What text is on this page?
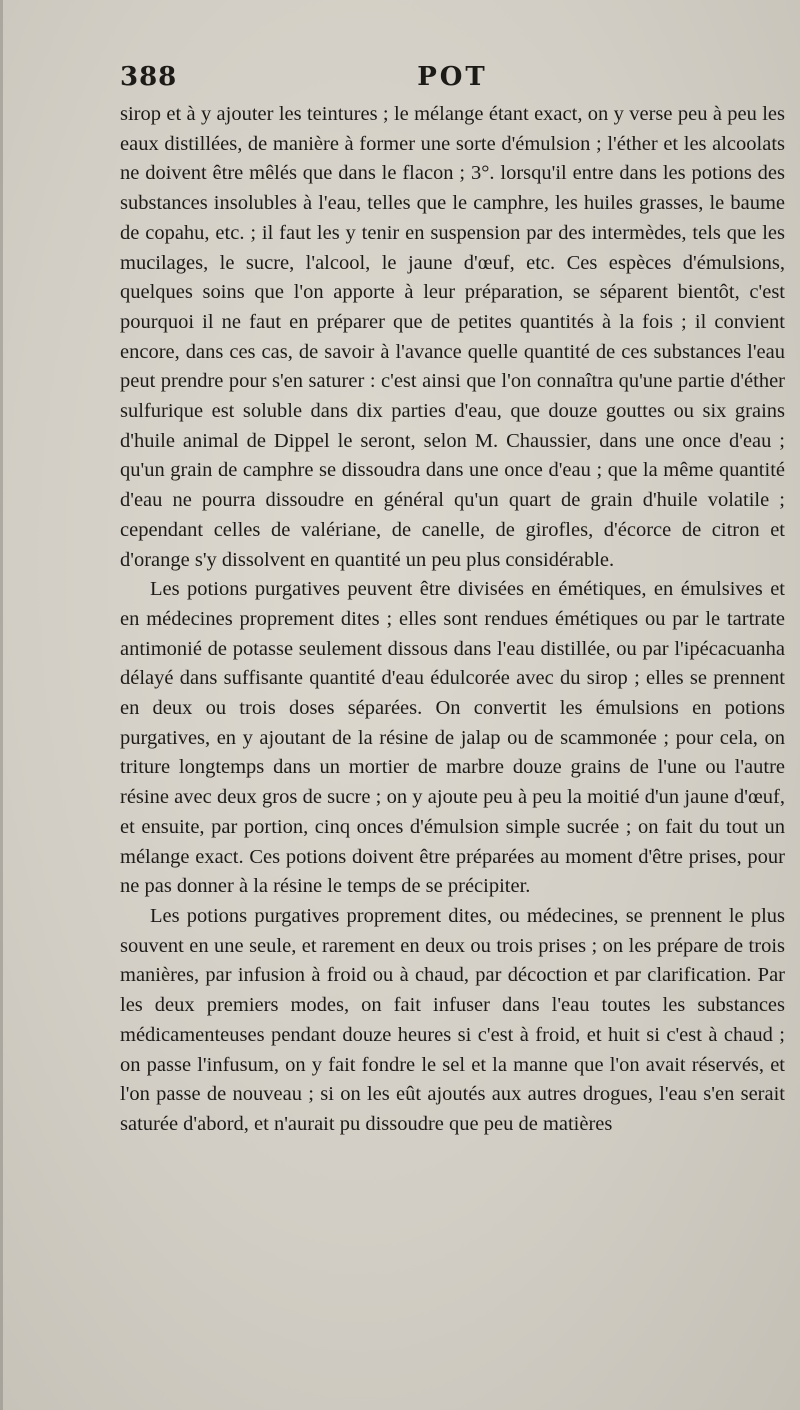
388	POT

sirop et à y ajouter les teintures ; le mélange étant exact, on y verse peu à peu les eaux distillées, de manière à former une sorte d'émulsion ; l'éther et les alcoolats ne doivent être mêlés que dans le flacon ; 3°. lorsqu'il entre dans les potions des substances insolubles à l'eau, telles que le camphre, les huiles grasses, le baume de copahu, etc. ; il faut les y tenir en suspension par des intermèdes, tels que les mucilages, le sucre, l'alcool, le jaune d'œuf, etc. Ces espèces d'émulsions, quelques soins que l'on apporte à leur préparation, se séparent bientôt, c'est pourquoi il ne faut en préparer que de petites quantités à la fois ; il convient encore, dans ces cas, de savoir à l'avance quelle quantité de ces substances l'eau peut prendre pour s'en saturer : c'est ainsi que l'on connaîtra qu'une partie d'éther sulfurique est soluble dans dix parties d'eau, que douze gouttes ou six grains d'huile animal de Dippel le seront, selon M. Chaussier, dans une once d'eau ; qu'un grain de camphre se dissoudra dans une once d'eau ; que la même quantité d'eau ne pourra dissoudre en général qu'un quart de grain d'huile volatile ; cependant celles de valériane, de canelle, de girofles, d'écorce de citron et d'orange s'y dissolvent en quantité un peu plus considérable.

Les potions purgatives peuvent être divisées en émétiques, en émulsives et en médecines proprement dites ; elles sont rendues émétiques ou par le tartrate antimonié de potasse seulement dissous dans l'eau distillée, ou par l'ipécacuanha délayé dans suffisante quantité d'eau édulcorée avec du sirop ; elles se prennent en deux ou trois doses séparées. On convertit les émulsions en potions purgatives, en y ajoutant de la résine de jalap ou de scammonée ; pour cela, on triture longtemps dans un mortier de marbre douze grains de l'une ou l'autre résine avec deux gros de sucre ; on y ajoute peu à peu la moitié d'un jaune d'œuf, et ensuite, par portion, cinq onces d'émulsion simple sucrée ; on fait du tout un mélange exact. Ces potions doivent être préparées au moment d'être prises, pour ne pas donner à la résine le temps de se précipiter.

Les potions purgatives proprement dites, ou médecines, se prennent le plus souvent en une seule, et rarement en deux ou trois prises ; on les prépare de trois manières, par infusion à froid ou à chaud, par décoction et par clarification. Par les deux premiers modes, on fait infuser dans l'eau toutes les substances médicamenteuses pendant douze heures si c'est à froid, et huit si c'est à chaud ; on passe l'infusum, on y fait fondre le sel et la manne que l'on avait réservés, et l'on passe de nouveau ; si on les eût ajoutés aux autres drogues, l'eau s'en serait saturée d'abord, et n'aurait pu dissoudre que peu de matières
